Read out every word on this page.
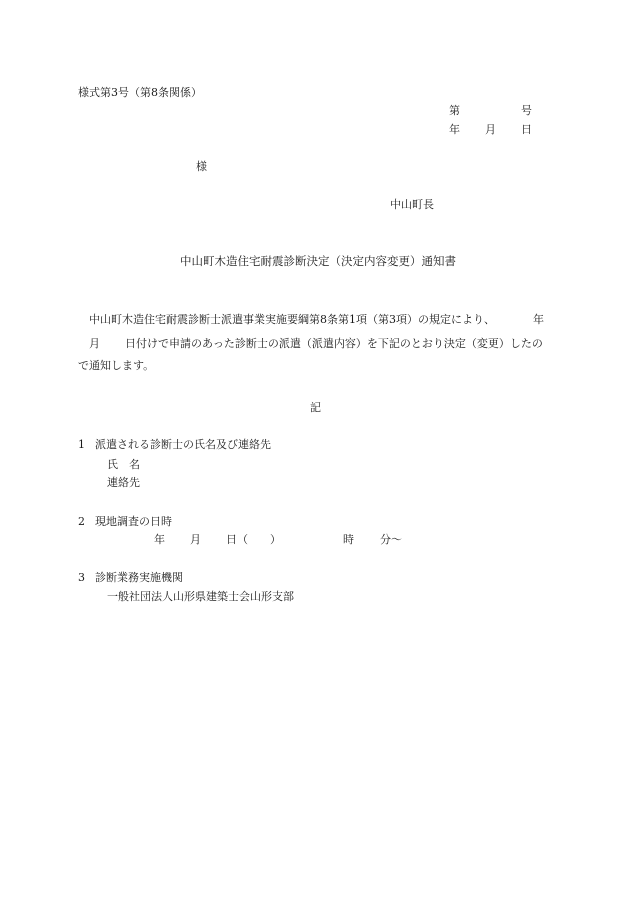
様式第3号（第8条関係）
第	号
年 月 日
様
中山町長
中山町木造住宅耐震診断決定（決定内容変更）通知書
中山町木造住宅耐震診断士派遣事業実施要綱第8条第1項（第3項）の規定により、	年
月 日付けで申請のあった診断士の派遣（派遣内容）を下記のとおり決定（変更）したの
で通知します。
記
1 派遣される診断士の氏名及び連絡先
氏　名
連絡先
2 現地調査の日時
年 月 日（　　）	時 分〜
3 診断業務実施機関
一般社団法人山形県建築士会山形支部
